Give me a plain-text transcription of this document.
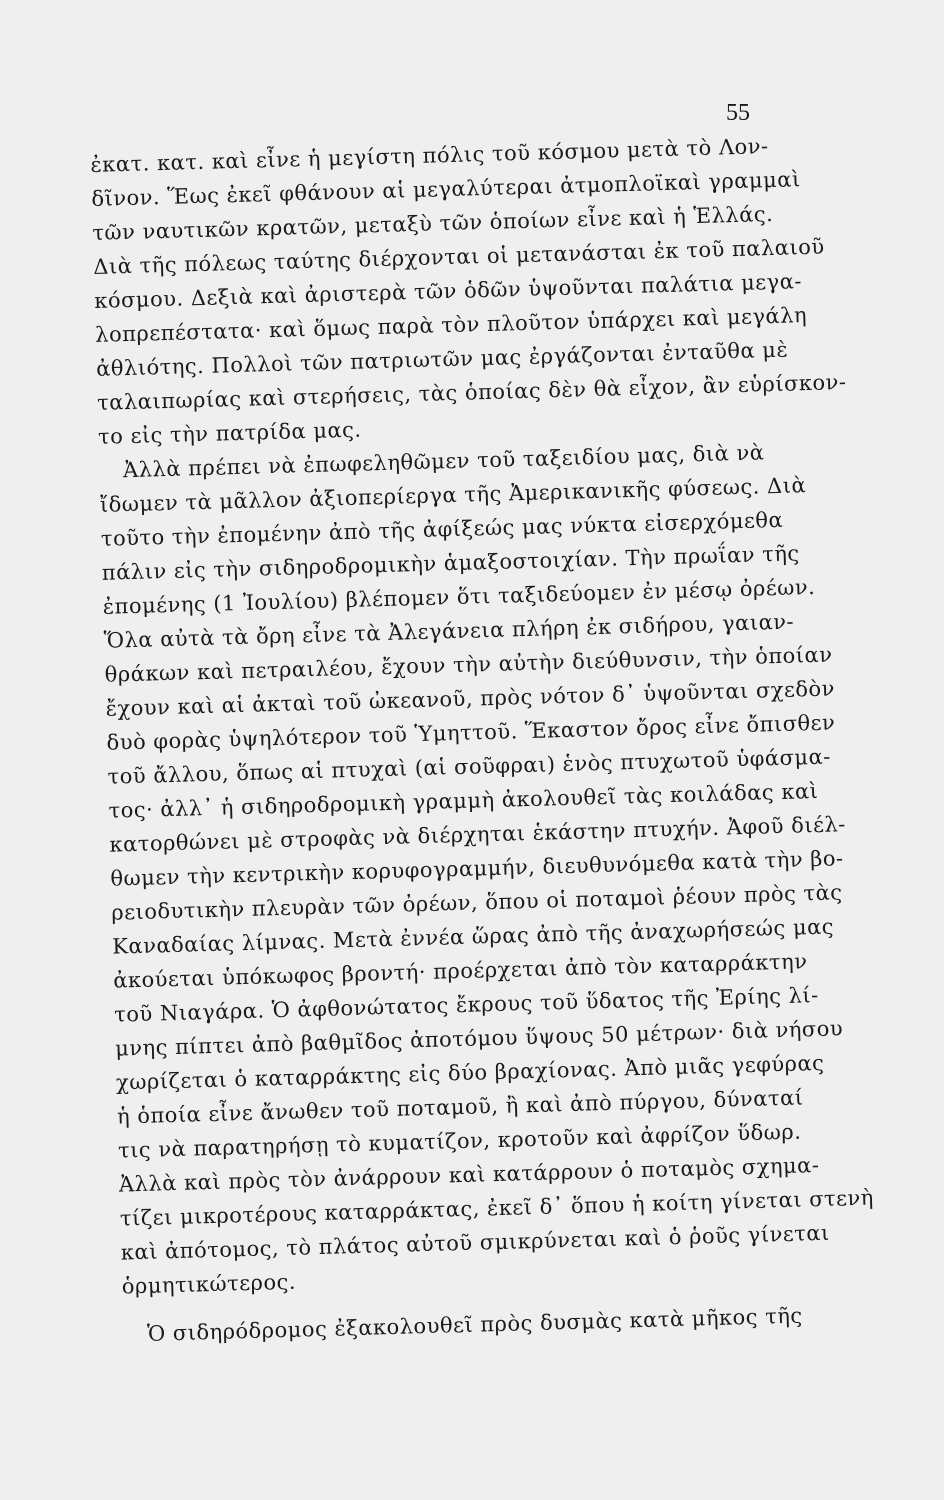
55
ἐκατ. κατ. καὶ εἶνε ἡ μεγίστη πόλις τοῦ κόσμου μετὰ τὸ Λον-
δῖνον. Ἕως ἐκεῖ φθάνουν αἱ μεγαλύτεραι ἀτμοπλοϊκαὶ γραμμαὶ
τῶν ναυτικῶν κρατῶν, μεταξὺ τῶν ὁποίων εἶνε καὶ ἡ Ἑλλάς.
Διὰ τῆς πόλεως ταύτης διέρχονται οἱ μετανάσται ἐκ τοῦ παλαιοῦ
κόσμου. Δεξιὰ καὶ ἀριστερὰ τῶν ὁδῶν ὑψοῦνται παλάτια μεγα-
λοπρεπέστατα· καὶ ὅμως παρὰ τὸν πλοῦτον ὑπάρχει καὶ μεγάλη
ἀθλιότης. Πολλοὶ τῶν πατριωτῶν μας ἐργάζονται ἐνταῦθα μὲ
ταλαιπωρίας καὶ στερήσεις, τὰς ὁποίας δὲν θὰ εἶχον, ἂν εὑρίσκον-
το εἰς τὴν πατρίδα μας.
Ἀλλὰ πρέπει νὰ ἐπωφεληθῶμεν τοῦ ταξειδίου μας, διὰ νὰ
ἴδωμεν τὰ μᾶλλον ἀξιοπερίεργα τῆς Ἀμερικανικῆς φύσεως. Διὰ
τοῦτο τὴν ἐπομένην ἀπὸ τῆς ἀφίξεώς μας νύκτα εἰσερχόμεθα
πάλιν εἰς τὴν σιδηροδρομικὴν ἁμαξοστοιχίαν. Τὴν πρωΐαν τῆς
ἐπομένης (1 Ἰουλίου) βλέπομεν ὅτι ταξιδεύομεν ἐν μέσῳ ὀρέων.
Ὅλα αὐτὰ τὰ ὄρη εἶνε τὰ Ἀλεγάνεια πλήρη ἐκ σιδήρου, γαιαν-
θράκων καὶ πετραιλέου, ἔχουν τὴν αὐτὴν διεύθυνσιν, τὴν ὁποίαν
ἔχουν καὶ αἱ ἀκταὶ τοῦ ὠκεανοῦ, πρὸς νότον δ᾽ ὑψοῦνται σχεδὸν
δυὸ φορὰς ὑψηλότερον τοῦ Ὑμηττοῦ. Ἕκαστον ὄρος εἶνε ὄπισθεν
τοῦ ἄλλου, ὅπως αἱ πτυχαὶ (αἱ σοῦφραι) ἑνὸς πτυχωτοῦ ὑφάσμα-
τος· ἀλλ᾽ ἡ σιδηροδρομικὴ γραμμὴ ἀκολουθεῖ τὰς κοιλάδας καὶ
κατορθώνει μὲ στροφὰς νὰ διέρχηται ἑκάστην πτυχήν. Ἀφοῦ διέλ-
θωμεν τὴν κεντρικὴν κορυφογραμμήν, διευθυνόμεθα κατὰ τὴν βο-
ρειοδυτικὴν πλευρὰν τῶν ὀρέων, ὅπου οἱ ποταμοὶ ῥέουν πρὸς τὰς
Καναδαίας λίμνας. Μετὰ ἐννέα ὥρας ἀπὸ τῆς ἀναχωρήσεώς μας
ἀκούεται ὑπόκωφος βροντή· προέρχεται ἀπὸ τὸν καταρράκτην
τοῦ Νιαγάρα. Ὁ ἀφθονώτατος ἔκρους τοῦ ὕδατος τῆς Ἐρίης λί-
μνης πίπτει ἀπὸ βαθμῖδος ἀποτόμου ὕψους 50 μέτρων· διὰ νήσου
χωρίζεται ὁ καταρράκτης εἰς δύο βραχίονας. Ἀπὸ μιᾶς γεφύρας
ἡ ὁποία εἶνε ἄνωθεν τοῦ ποταμοῦ, ἢ καὶ ἀπὸ πύργου, δύναταί
τις νὰ παρατηρήσῃ τὸ κυματίζον, κροτοῦν καὶ ἀφρίζον ὕδωρ.
Ἀλλὰ καὶ πρὸς τὸν ἀνάρρουν καὶ κατάρρουν ὁ ποταμὸς σχημα-
τίζει μικροτέρους καταρράκτας, ἐκεῖ δ᾽ ὅπου ἡ κοίτη γίνεται στενὴ
καὶ ἀπότομος, τὸ πλάτος αὐτοῦ σμικρύνεται καὶ ὁ ῥοῦς γίνεται
ὁρμητικώτερος.
Ὁ σιδηρόδρομος ἐξακολουθεῖ πρὸς δυσμὰς κατὰ μῆκος τῆς
